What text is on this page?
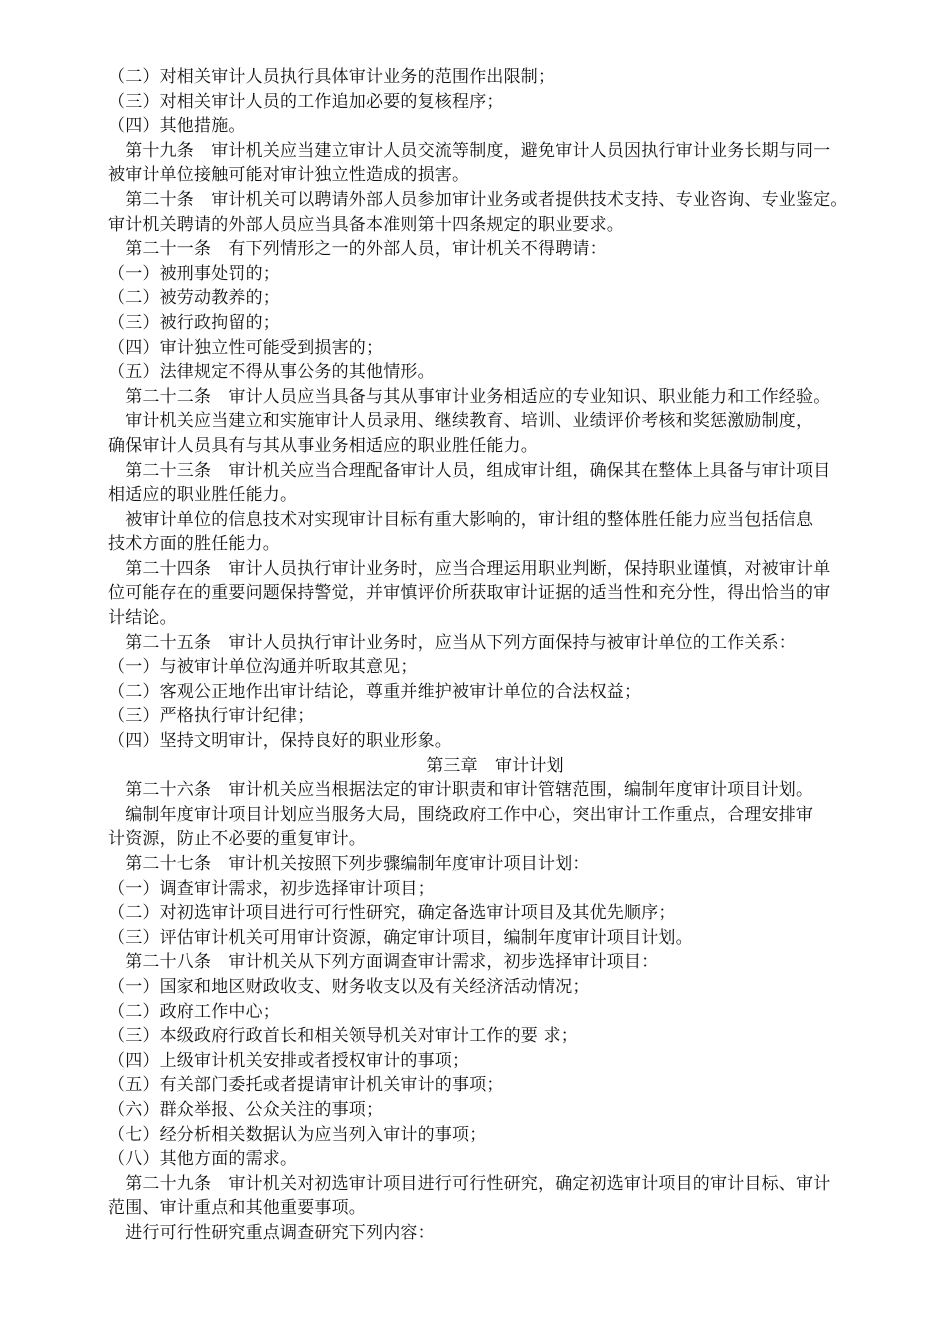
（二）对相关审计人员执行具体审计业务的范围作出限制；
（三）对相关审计人员的工作追加必要的复核程序；
（四）其他措施。
　第十九条　审计机关应当建立审计人员交流等制度，避免审计人员因执行审计业务长期与同一
被审计单位接触可能对审计独立性造成的损害。
　第二十条　审计机关可以聘请外部人员参加审计业务或者提供技术支持、专业咨询、专业鉴定。
审计机关聘请的外部人员应当具备本准则第十四条规定的职业要求。
　第二十一条　有下列情形之一的外部人员，审计机关不得聘请：
（一）被刑事处罚的；
（二）被劳动教养的；
（三）被行政拘留的；
（四）审计独立性可能受到损害的；
（五）法律规定不得从事公务的其他情形。
　第二十二条　审计人员应当具备与其从事审计业务相适应的专业知识、职业能力和工作经验。
　审计机关应当建立和实施审计人员录用、继续教育、培训、业绩评价考核和奖惩激励制度，
确保审计人员具有与其从事业务相适应的职业胜任能力。
　第二十三条　审计机关应当合理配备审计人员，组成审计组，确保其在整体上具备与审计项目
相适应的职业胜任能力。
　被审计单位的信息技术对实现审计目标有重大影响的，审计组的整体胜任能力应当包括信息
技术方面的胜任能力。
　第二十四条　审计人员执行审计业务时，应当合理运用职业判断，保持职业谨慎，对被审计单
位可能存在的重要问题保持警觉，并审慎评价所获取审计证据的适当性和充分性，得出恰当的审
计结论。
　第二十五条　审计人员执行审计业务时，应当从下列方面保持与被审计单位的工作关系：
（一）与被审计单位沟通并听取其意见；
（二）客观公正地作出审计结论，尊重并维护被审计单位的合法权益；
（三）严格执行审计纪律；
（四）坚持文明审计，保持良好的职业形象。
第三章　审计计划
　第二十六条　审计机关应当根据法定的审计职责和审计管辖范围，编制年度审计项目计划。
　编制年度审计项目计划应当服务大局，围绕政府工作中心，突出审计工作重点，合理安排审
计资源，防止不必要的重复审计。
　第二十七条　审计机关按照下列步骤编制年度审计项目计划：
（一）调查审计需求，初步选择审计项目；
（二）对初选审计项目进行可行性研究，确定备选审计项目及其优先顺序；
（三）评估审计机关可用审计资源，确定审计项目，编制年度审计项目计划。
　第二十八条　审计机关从下列方面调查审计需求，初步选择审计项目：
（一）国家和地区财政收支、财务收支以及有关经济活动情况；
（二）政府工作中心；
（三）本级政府行政首长和相关领导机关对审计工作的要 求；
（四）上级审计机关安排或者授权审计的事项；
（五）有关部门委托或者提请审计机关审计的事项；
（六）群众举报、公众关注的事项；
（七）经分析相关数据认为应当列入审计的事项；
（八）其他方面的需求。
　第二十九条　审计机关对初选审计项目进行可行性研究，确定初选审计项目的审计目标、审计
范围、审计重点和其他重要事项。
　进行可行性研究重点调查研究下列内容：
